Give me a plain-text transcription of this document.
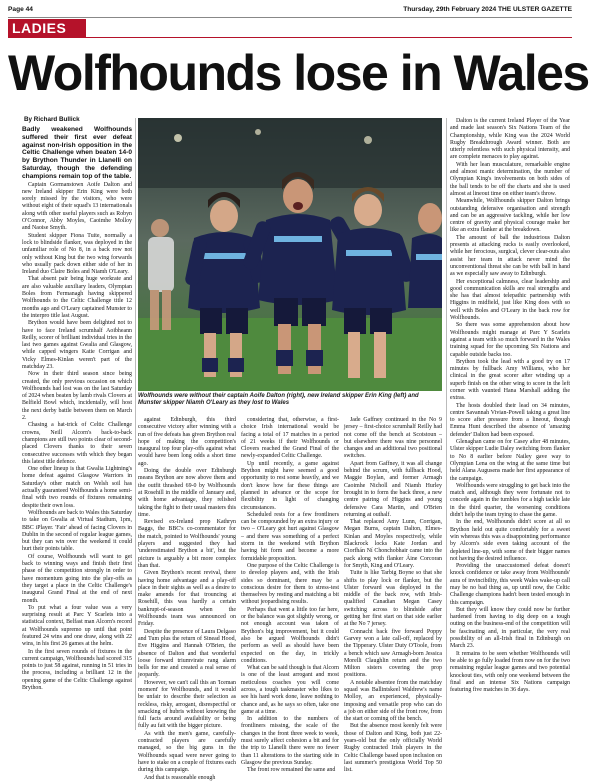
Page 44	Thursday, 29th February 2024 THE ULSTER GAZETTE
LADIES
Wolfhounds lose in Wales
By Richard Bullick

Badly weakened Wolfhounds suffered their first ever defeat against non-Irish opposition in the Celtic Challenge when beaten 14-0 by Brython Thunder in Llanelli on Saturday, though the defending champions remain top of the table.

Captain Gormanstown Aoife Dalton and new Ireland skipper Erin King were both sorely missed by the visitors, who were without eight of their squad's 13 internationals along with other useful players such as Robyn O'Connor, Abby Moyles, Caoimhe Molloy and Naoise Smyth.

Student skipper Fiona Tuite, normally a lock to blindside flanker, was deployed in the unfamiliar role of No 8, in a back row not only without King but the two wing forwards who usually pack down either side of her in Ireland duo Claire Boles and Niamh O'Leary.

That absent pair being huge workrate and are also valuable auxiliary leaders, Olympian Boles from Fermanagh having skippered Wolfhounds to the Celtic Challenge title 12 months ago and O'Leary captained Munster to the interpro title last August.

Brython would have been delighted not to have to face Ireland scrumhalf Aoibheann Reilly, scorer of brilliant individual tries in the last two games against Gwalia and Glasgow, while capped wingers Katie Corrigan and Vicky Elmes-Kinlan weren't part of the matchday 23.

Now in their third season since being created, the only previous occasion on which Wolfhounds had lost was on the last Saturday of 2024 when beaten by lamb rivals Clovers at Belfield Bowl which, incidentally, will host the next derby battle between them on March 2.

Chasing a hat-trick of Celtic Challenge crowns, Neill Alcorn's back-to-back champions are still two points clear of second-placed Clovers thanks to their seven consecutive successes with which they began this latest title defence.

One other lineup is that Gwalia Lightning's home defeat against Glasgow Warriors in Saturday's other match on Welsh soil has actually guaranteed Wolfhounds a home semi-final with two rounds of fixtures remaining despite their own loss.

Wolfhounds are back to Wales this Saturday to take on Gwalia at Virtual Stadium, 1pm, BBC iPlayer. 'Fair' ahead of facing Clovers in Dublin in the second of regular league games, but they can win over the weekend it could hurt their points table.

Of course, Wolfhounds will want to get back to winning ways and finish their first phase of the competition strongly in order to have momentum going into the play-offs as they target a place in the Celtic Challenge's inaugural Grand Final at the end of next month.

To put what a four value was a very surprising result at Parc Y Scarlets into a statistical context, Belfast man Alcorn's record at Wolfhounds supremo up until that point featured 24 wins and one draw, along with 22 wins, in his first 26 games at the helm.

In the first seven rounds of fixtures in the current campaign, Wolfhounds had scored 315 points to just 58 against, running in 51 tries in the process, including a brilliant 12 in the opening game of the Celtic Challenge against Brython.

Wolfhounds were without their captain Aoife Dalton (right), new Ireland skipper Erin King (left) and Munster skipper Niamh O'Leary as they lost to Wales

against Edinburgh, this third consecutive victory after winning with a run of five defeats has given Brython real hope of making the competition's inaugural top four play-offs against what would have been long odds a short time ago.

Doing the double over Edinburgh means Brython are now above them and the outfit thrashed 69-0 by Wolfhounds at Rosehill in the middle of January and, with home advantage, they relished taking the fight to their usual masters this time.

Revised ex-Ireland prop Kathryn Baggs, the BBC's co-commentator for the match, pointed to Wolfhounds' young players and suggested they had 'underestimated Brython a bit', but the picture is arguably a bit more complex than that.

Given Brython's recent revival, there having home advantage and a play-off place in their sights as well as a desire to make amends for that trouncing at Rosehill, this was hardly a certain bankrupt-of-season when the Wolfhounds team was announced on Friday.

Despite the presence of Laura Delgaso and Tum plus the return of Sinead Hood, Eve Higgins and Hannah O'Brien, the absence of Dalton and that wonderful loose forward triumvirate rang alarm bells for me and created a real sense of jeopardy.

However, we can't call this an 'Iceman moment' for Wolfhounds, and it would be unfair to describe their selection as reckless, risky, arrogant, disrespectful or smacking of hubris without knowing the full facts around availability or being fully au fait with the bigger picture.

As with the men's game, carefully-contracted players are carefully managed, so the big guns in the Wolfhounds squad were never going to have to stake on a couple of fixtures each during this campaign.

And that is reasonable enough

considering that, otherwise, a first-choice Irish international would be facing a total of 17 matches in a period of 21 weeks if their Wolfhounds or Clovers reached the Grand Final of the newly-expanded Celtic Challenge.

Up until recently, a game against Brython might have seemed a good opportunity to rest some heavily, and we don't know how far these things are planned in advance or the scope for flexibility in light of changing circumstances.

Scheduled rests for a few frontliners can be compounded by an extra injury or two – O'Leary got hurt against Glasgow – and there was something of a perfect storm in the weekend with Brython having hit form and become a more formidable proposition.

One purpose of the Celtic Challenge is to develop players and, with the Irish sides so dominant, there may be a conscious desire for them to stress-test themselves by resting and matching a bit without jeopardising results.

Perhaps that went a little too far here, or the balance was got slightly wrong, or not enough account was taken of Brython's big improvement, but it could also be argued Wolfhounds didn't perform as well as should have been expected on the day, in trickly conditions.

What can be said though is that Alcorn is one of the least arrogant and most meticulous coaches you will come across, a tough taskmaster who likes to see his hard work done, leave nothing to chance and, as he says so often, take one game at a time.

In addition to the numbers of frontliners missing, the scale of the changes in the front three week to week, must surely affect cohesion a bit and for the trip to Llanelli there were no fewer than 11 alterations to the starting side in Glasgow the previous Sunday.

The front row remained the same and

Jade Gaffney continued in the No 9 jersey – first-choice scrumhalf Reilly had not come off the bench at Scotstoun – but elsewhere there was nine personnel changes and an additional two positional switches.

Apart from Gaffney, it was all change behind the scrum, with fullback Hood, Maggie Boylan, and former Armagh Caoimhe Nicholl and Niamh Hurley brought in to form the back three, a new centre pairing of Higgins and young defensive Cara Martin, and O'Brien returning at outhalf.

That replaced Amy Lunn, Corrigan, Megan Burns, captain Dalton, Elmes-Kinlan and Moyles respectively, while Blackrock locks Kate Jordan and Ciorfhán Ní Chonchobhair came into the pack along with flanker Áine Corcoran for Smyth, King and O'Leary.

Tuite is like Tarbig Boyne so that she shifts to play lock or flanker, but the Ulster forward was deployed in the middle of the back row, with Irish-qualified Canadian Megan Casey switching across to blindside after getting her first start on that side earlier at the No 7 jersey.

Connacht back five forward Poppy Garvey won a late call-off, replaced by the Tipperary. Ulster Duty O'Toole, from a bench which saw Armagh-born Jessica Morelli Claughlin return and the two Milton sisters covering the prop positions.

A notable absentee from the matchday squad was Ballintskeel Waldrew's name Molloy, an experienced, physically-imposing and versatile prop who can do a job on either side of the front row, from the start or coming off the bench.

But the absence most keenly felt were those of Dalton and King, both just 22-years-old but the only officially World Rugby contracted Irish players in the Celtic Challenge based upon inclusion on last summer's prestigious World Top 50 list.

Dalton is the current Ireland Player of the Year and made last season's Six Nations Team of the Championship, while King was the 2024 World Rugby Breakthrough Award winner. Both are utterly relentless with such physical intensity, and are complete menaces to play against.

With her lean musculature, remarkable engine and almost manic determination, the number of Olympian King's involvements on both sides of the ball tends to be off the charts and she is used almost at lineout time on either team's throw.

Meanwhile, Wolfhounds skipper Dalton brings outstanding defensive organisation and strength and can be an aggressive tackling, while her low centre of gravity and physical courage make her like an extra flanker at the breakdown.

The amount of ball the industrious Dalton presents at attacking rucks is easily overlooked, while her ferocious, surgical, clever clear-outs also assist her team in attack never mind the unconventional threat she can be with ball in hand as we especially saw away to Edinburgh.

Her exceptional calmness, clear leadership and good communication skills are real strengths and she has that almost telepathic partnership with Higgins in midfield, just like King does with so well with Boles and O'Leary in the back row for Wolfhounds.

So there was some apprehension about how Wolfhounds might manage at Parc Y Scarlets against a team with so much forward in the Wales training squad for the upcoming Six Nations and capable outside backs too.

Brython took the lead with a good try on 17 minutes by fullback Amy Williams, who her clinical in the great scorer after winding up a superb finish on the other wing to score in the left corner with vaunted Hana Marshall adding the extras.

The hosts doubled their lead on 34 minutes, centre Savannah Vivian-Powell taking a great line to score after pressure from a lineout, though Emma Hunt described the absence of 'amazing defender' Dalton had been exposed.

Glenaghan came on for Casey after 48 minutes, Ulster skipper Ludie Daley switching from flanker to No 8 earlier before Nailey gave way to Olympian Lena on the wing at the same time but held Alana Augusens made her first appearance of the campaign.

Wolfhounds were struggling to get back into the match and, although they were fortunate not to concede again in the tumbles for a high tackle late in the third quarter, the worsening conditions didn't help the team trying to chase the game.

In the end, Wolfhounds didn't score at all so Brython held out quite comfortably for a sweet win whereas this was a disappointing performance by Alcorn's side even taking account of the depleted line-up, with some of their bigger names not having the desired influence.

Providing the unaccustomed defeat doesn't knock confidence or take away from Wolfhounds' aura of invincibility, this week Wales wake-up call may be no bad thing as, up until now, the Celtic Challenge champions hadn't been tested enough in this campaign.

But they will know they could now be further hardened from having to dig deep on a tough outing on the business-end of the competition will be fascinating and, in particular, the very real possibility of an all-Irish final in Edinburgh on March 23.

It remains to be seen whether Wolfhounds will be able to go fully loaded from now on for the two remaining regular league games and two potential knockout ties, with only one weekend between the final and an intense Six Nations campaign featuring five matches in 36 days.
